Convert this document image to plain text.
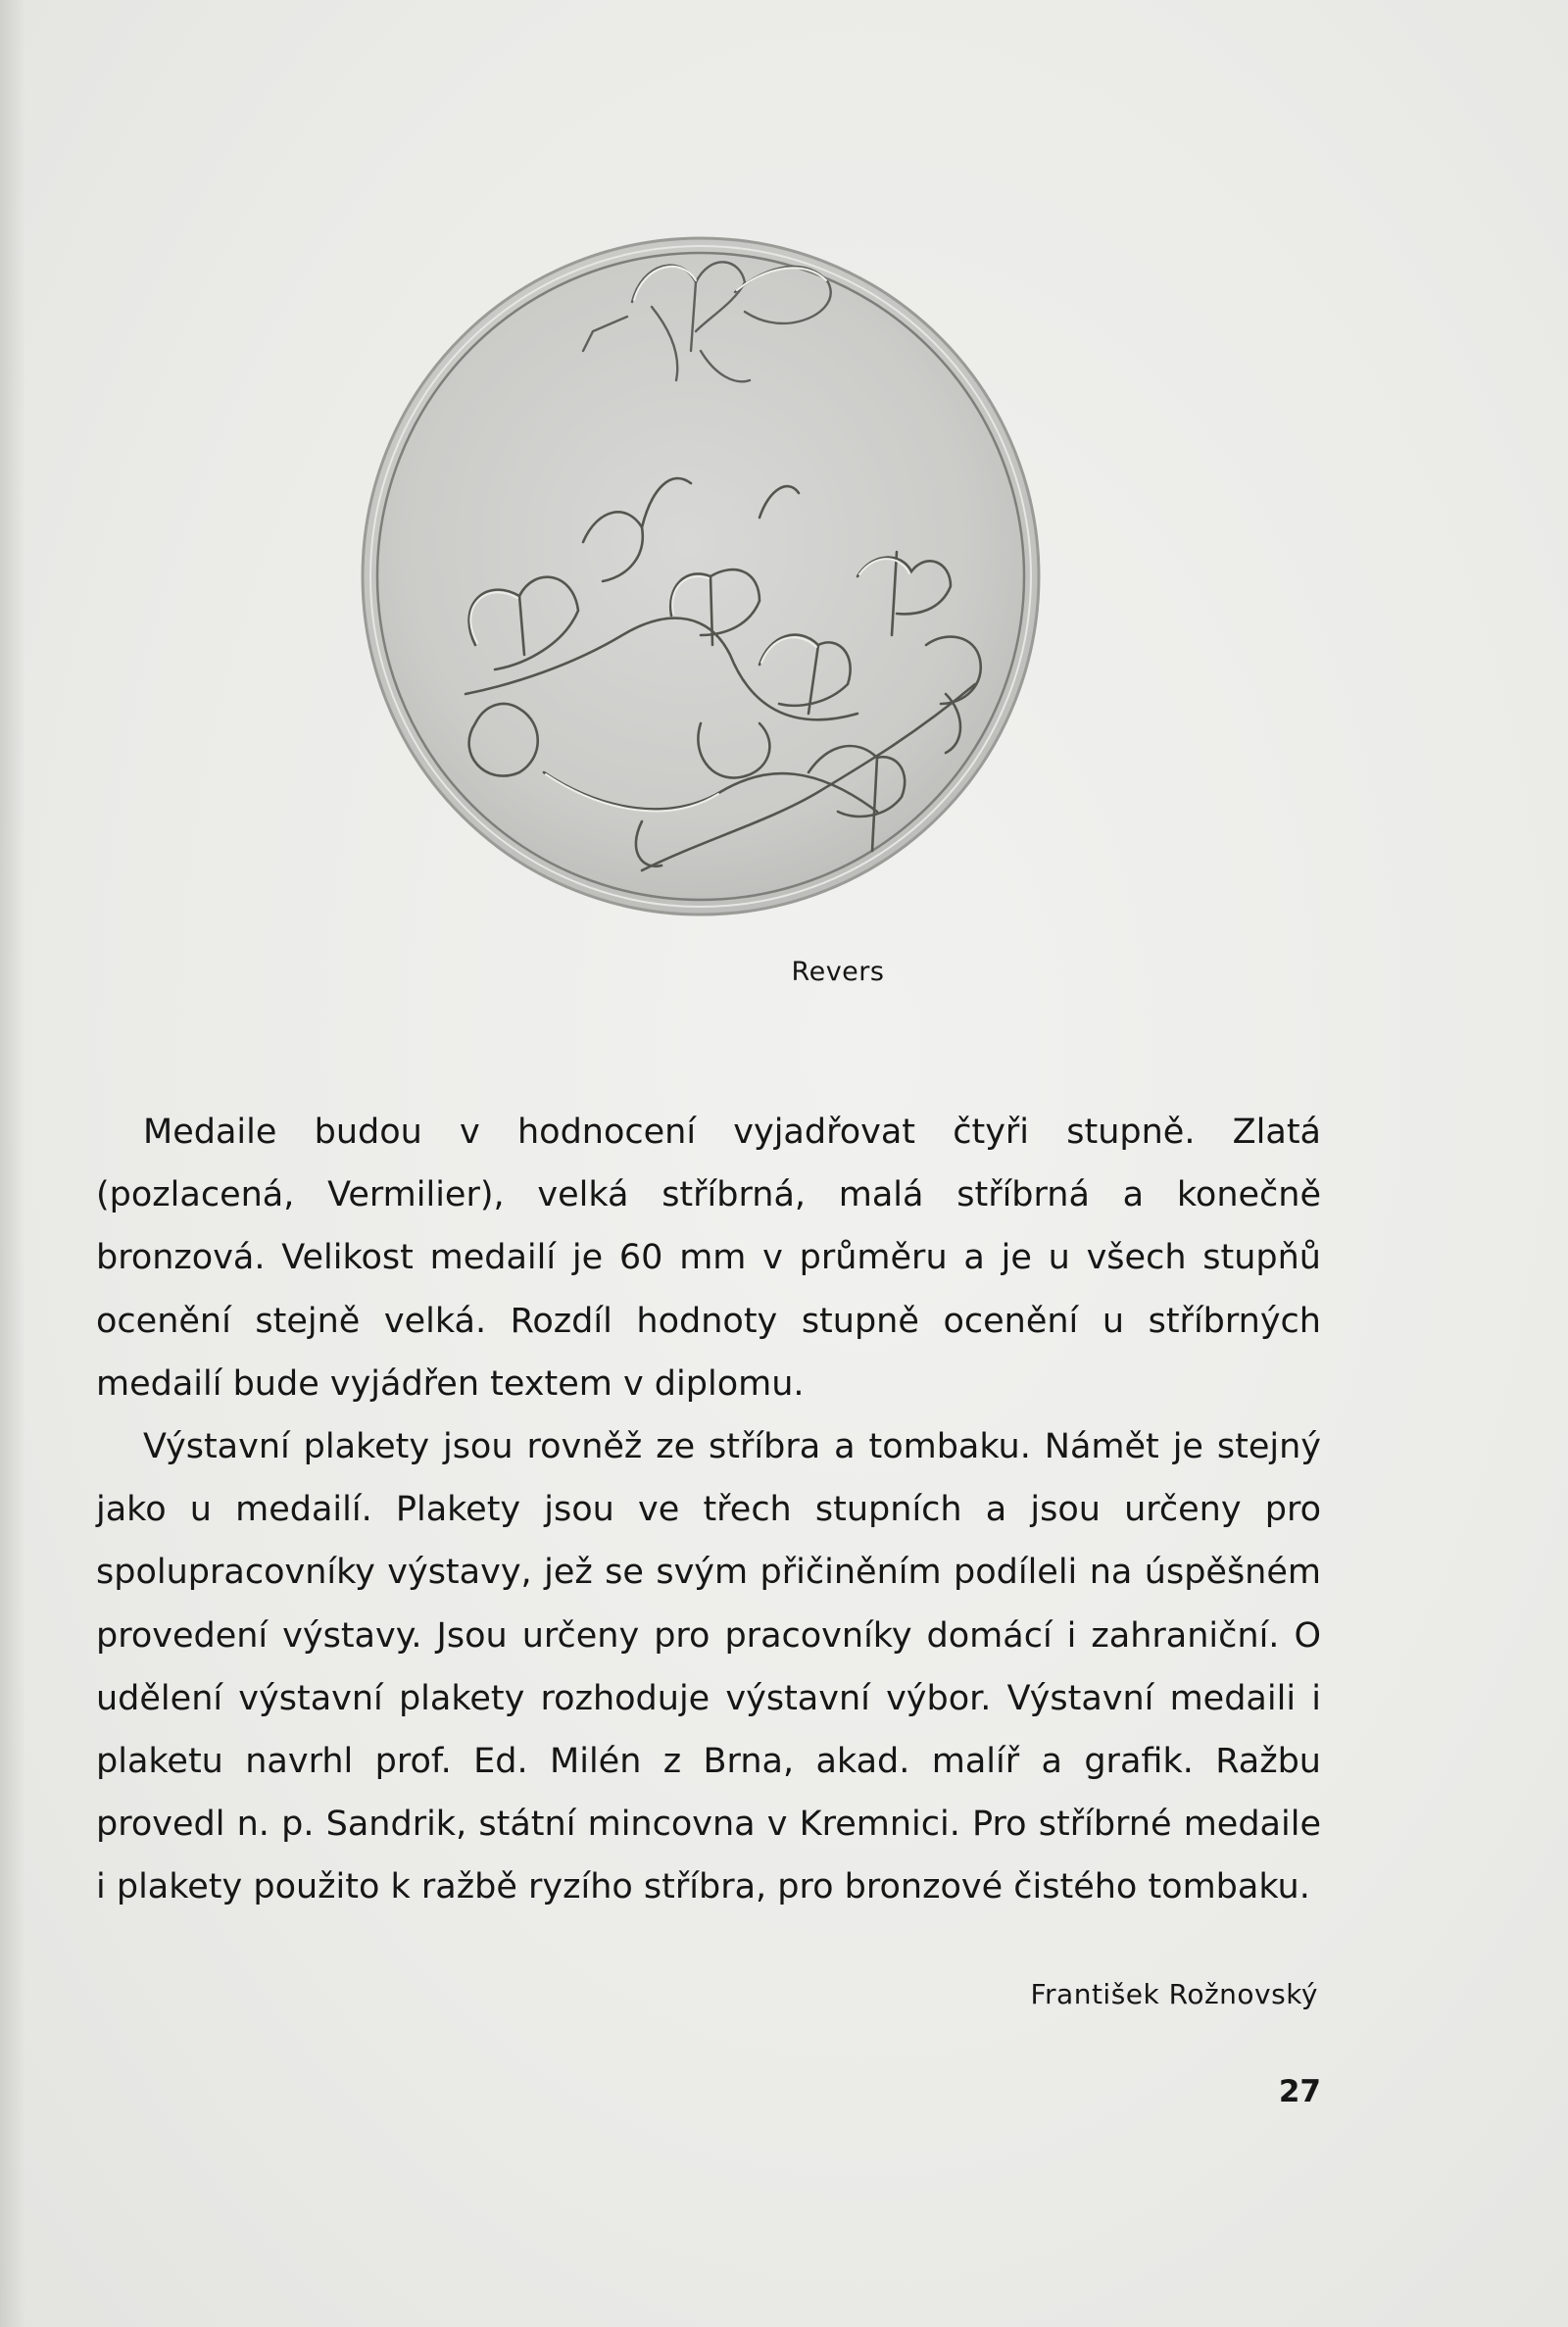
Revers

Medaile budou v hodnocení vyjadřovat čtyři stupně. Zlatá (pozlacená, Vermilier), velká stříbrná, malá stříbrná a konečně bronzová. Velikost medailí je 60 mm v průměru a je u všech stupňů ocenění stejně velká. Rozdíl hodnoty stupně ocenění u stříbrných medailí bude vyjádřen textem v diplomu.

Výstavní plakety jsou rovněž ze stříbra a tombaku. Námět je stejný jako u medailí. Plakety jsou ve třech stupních a jsou určeny pro spolupracovníky výstavy, jež se svým přičiněním podíleli na úspěšném provedení výstavy. Jsou určeny pro pracovníky domácí i zahraniční. O udělení výstavní plakety rozhoduje výstavní výbor. Výstavní medaili i plaketu navrhl prof. Ed. Milén z Brna, akad. malíř a grafik. Ražbu provedl n. p. Sandrik, státní mincovna v Kremnici. Pro stříbrné medaile i plakety použito k ražbě ryzího stříbra, pro bronzové čistého tombaku.

František Rožnovský
27
